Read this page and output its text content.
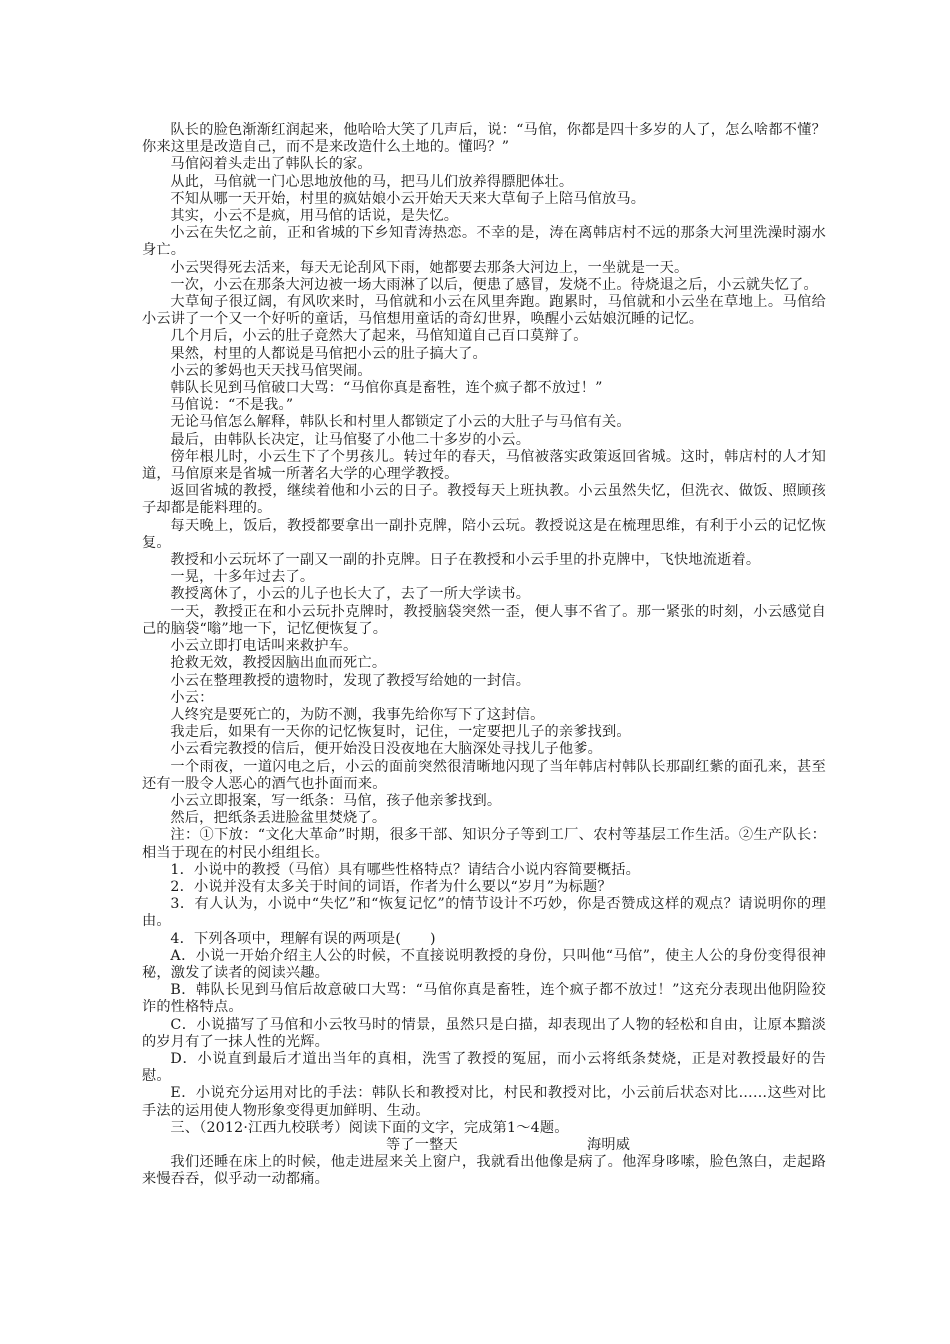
队长的脸色渐渐红润起来，他哈哈大笑了几声后，说：“马倌，你都是四十多岁的人了，怎么啥都不懂？你来这里是改造自己，而不是来改造什么土地的。懂吗？”

马倌闷着头走出了韩队长的家。

从此，马倌就一门心思地放他的马，把马儿们放养得膘肥体壮。

不知从哪一天开始，村里的疯姑娘小云开始天天来大草甸子上陪马倌放马。

其实，小云不是疯，用马倌的话说，是失忆。

小云在失忆之前，正和省城的下乡知青涛热恋。不幸的是，涛在离韩店村不远的那条大河里洗澡时溺水身亡。

小云哭得死去活来，每天无论刮风下雨，她都要去那条大河边上，一坐就是一天。

一次，小云在那条大河边被一场大雨淋了以后，便患了感冒，发烧不止。待烧退之后，小云就失忆了。

大草甸子很辽阔，有风吹来时，马倌就和小云在风里奔跑。跑累时，马倌就和小云坐在草地上。马倌给小云讲了一个又一个好听的童话，马倌想用童话的奇幻世界，唤醒小云姑娘沉睡的记忆。

几个月后，小云的肚子竟然大了起来，马倌知道自己百口莫辩了。

果然，村里的人都说是马倌把小云的肚子搞大了。

小云的爹妈也天天找马倌哭闹。

韩队长见到马倌破口大骂：“马倌你真是畜牲，连个疯子都不放过！”

马倌说：“不是我。”

无论马倌怎么解释，韩队长和村里人都锁定了小云的大肚子与马倌有关。

最后，由韩队长决定，让马倌娶了小他二十多岁的小云。

傍年根儿时，小云生下了个男孩儿。转过年的春天，马倌被落实政策返回省城。这时，韩店村的人才知道，马倌原来是省城一所著名大学的心理学教授。

返回省城的教授，继续着他和小云的日子。教授每天上班执教。小云虽然失忆，但洗衣、做饭、照顾孩子却都是能料理的。

每天晚上，饭后，教授都要拿出一副扑克牌，陪小云玩。教授说这是在梳理思维，有利于小云的记忆恢复。

教授和小云玩坏了一副又一副的扑克牌。日子在教授和小云手里的扑克牌中，飞快地流逝着。

一晃，十多年过去了。

教授离休了，小云的儿子也长大了，去了一所大学读书。

一天，教授正在和小云玩扑克牌时，教授脑袋突然一歪，便人事不省了。那一紧张的时刻，小云感觉自己的脑袋“嗡”地一下，记忆便恢复了。

小云立即打电话叫来救护车。

抢救无效，教授因脑出血而死亡。

小云在整理教授的遗物时，发现了教授写给她的一封信。

小云：

人终究是要死亡的，为防不测，我事先给你写下了这封信。

我走后，如果有一天你的记忆恢复时，记住，一定要把儿子的亲爹找到。

小云看完教授的信后，便开始没日没夜地在大脑深处寻找儿子他爹。

一个雨夜，一道闪电之后，小云的面前突然很清晰地闪现了当年韩店村韩队长那副红紫的面孔来，甚至还有一股令人恶心的酒气也扑面而来。

小云立即报案，写一纸条：马倌，孩子他亲爹找到。

然后，把纸条丢进脸盆里焚烧了。

注：①下放：“文化大革命”时期，很多干部、知识分子等到工厂、农村等基层工作生活。②生产队长：相当于现在的村民小组组长。

1．小说中的教授（马倌）具有哪些性格特点？请结合小说内容简要概括。

2．小说并没有太多关于时间的词语，作者为什么要以“岁月”为标题？

3．有人认为，小说中“失忆”和“恢复记忆”的情节设计不巧妙，你是否赞成这样的观点？请说明你的理由。

4．下列各项中，理解有误的两项是(　　)

A．小说一开始介绍主人公的时候，不直接说明教授的身份，只叫他“马倌”，使主人公的身份变得很神秘，激发了读者的阅读兴趣。

B．韩队长见到马倌后故意破口大骂：“马倌你真是畜牲，连个疯子都不放过！”这充分表现出他阴险狡诈的性格特点。

C．小说描写了马倌和小云牧马时的情景，虽然只是白描，却表现出了人物的轻松和自由，让原本黯淡的岁月有了一抹人性的光辉。

D．小说直到最后才道出当年的真相，洗雪了教授的冤屈，而小云将纸条焚烧，正是对教授最好的告慰。

E．小说充分运用对比的手法：韩队长和教授对比，村民和教授对比，小云前后状态对比……这些对比手法的运用使人物形象变得更加鲜明、生动。

三、（2012·江西九校联考）阅读下面的文字，完成第1～4题。

等了一整天	海明威

我们还睡在床上的时候，他走进屋来关上窗户，我就看出他像是病了。他浑身哆嗦，脸色煞白，走起路来慢吞吞，似乎动一动都痛。
